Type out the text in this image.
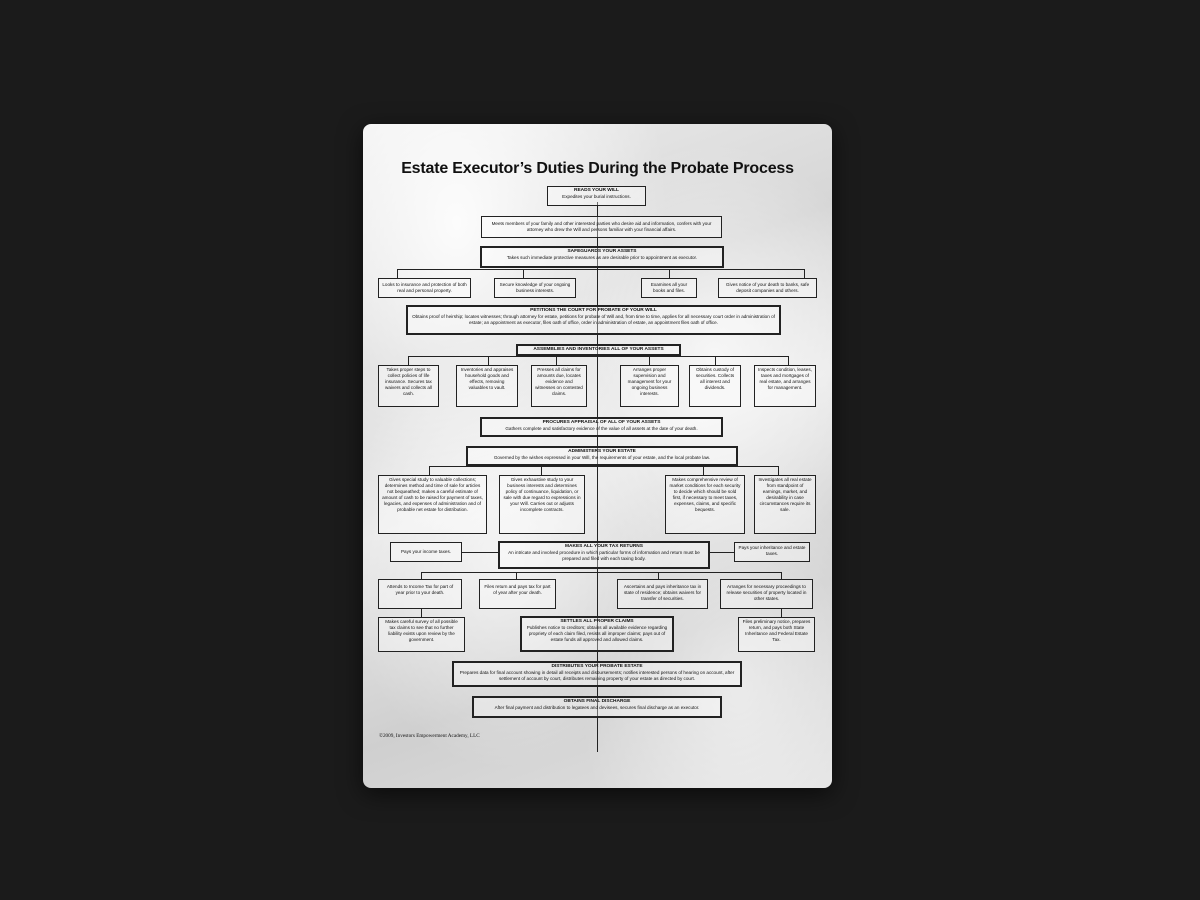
Estate Executor’s Duties During the Probate Process
READS YOUR WILL
Expedites your burial instructions.
Meets members of your family and other interested parties who desire aid and information, confers with your attorney who drew the Will and persons familiar with your financial affairs.
SAFEGUARDS YOUR ASSETS
Takes such immediate protective measures as are desirable prior to appointment as executor.
Looks to insurance and protection of both real and personal property.
Secure knowledge of your ongoing business interests.
Examines all your books and files.
Gives notice of your death to banks, safe deposit companies and others.
PETITIONS THE COURT FOR PROBATE OF YOUR WILL
Obtains proof of heirship; locates witnesses; through attorney for estate, petitions for probate of Will and, from time to time, applies for all necessary court order in administration of estate; an appointment as executor, files oath of office, order in administration of estate, an appointment files oath of office.
ASSEMBLIES AND INVENTORIES ALL OF YOUR ASSETS
Takes proper steps to collect policies of life insurance. Secures tax waivers and collects all cash.
Inventories and appraises household goods and effects, removing valuables to vault.
Presses all claims for amounts due, locates evidence and witnesses on contested claims.
Arranges proper supervision and management for your ongoing business interests.
Obtains custody of securities. Collects all interest and dividends.
Inspects condition, leases, taxes and mortgages of real estate, and arranges for management.
PROCURES APPRAISAL OF ALL OF YOUR ASSETS
Gathers complete and satisfactory evidence of the value of all assets at the date of your death.
ADMINISTERS YOUR ESTATE
Governed by the wishes expressed in your Will, the requirements of your estate, and the local probate law.
Gives special study to valuable collections; determines method and time of sale for articles not bequeathed; makes a careful estimate of amount of cash to be raised for payment of taxes, legacies, and expenses of administration and of probable net estate for distribution.
Gives exhaustive study to your business interests and determines policy of continuance, liquidation, or sale with due regard to expressions in your Will. Carries out or adjusts incomplete contracts.
Makes comprehensive review of market conditions for each security to decide which should be sold first, if necessary to meet taxes, expenses, claims, and specific bequests.
Investigates all real estate from standpoint of earnings, market, and desirability in case circumstances require its sale.
Pays your income taxes.
MAKES ALL YOUR TAX RETURNS
An intricate and involved procedure in which particular forms of information and return must be prepared and filed with each taxing body.
Pays your inheritance and estate taxes.
Attends to Income Tax for part of year prior to your death.
Files return and pays tax for part of year after your death.
Ascertains and pays inheritance tax in state of residence; obtains waivers for transfer of securities.
Arranges for necessary proceedings to release securities of property located in other states.
Makes careful survey of all possible tax claims to see that no further liability exists upon review by the government.
SETTLES ALL PROPER CLAIMS
Publishes notice to creditors; obtains all available evidence regarding propriety of each claim filed, resists all improper claims; pays out of estate funds all approved and allowed claims.
Files preliminary notice, prepares return, and pays both State Inheritance and Federal Estate Tax.
DISTRIBUTES YOUR PROBATE ESTATE
Prepares data for final account showing in detail all receipts and disbursements; notifies interested persons of hearing on account, after settlement of account by court, distributes remaining property of your estate as directed by court.
OBTAINS FINAL DISCHARGE
After final payment and distribution to legatees and devisees, secures final discharge as an executor.
©2009, Investors Empowerment Academy, LLC
